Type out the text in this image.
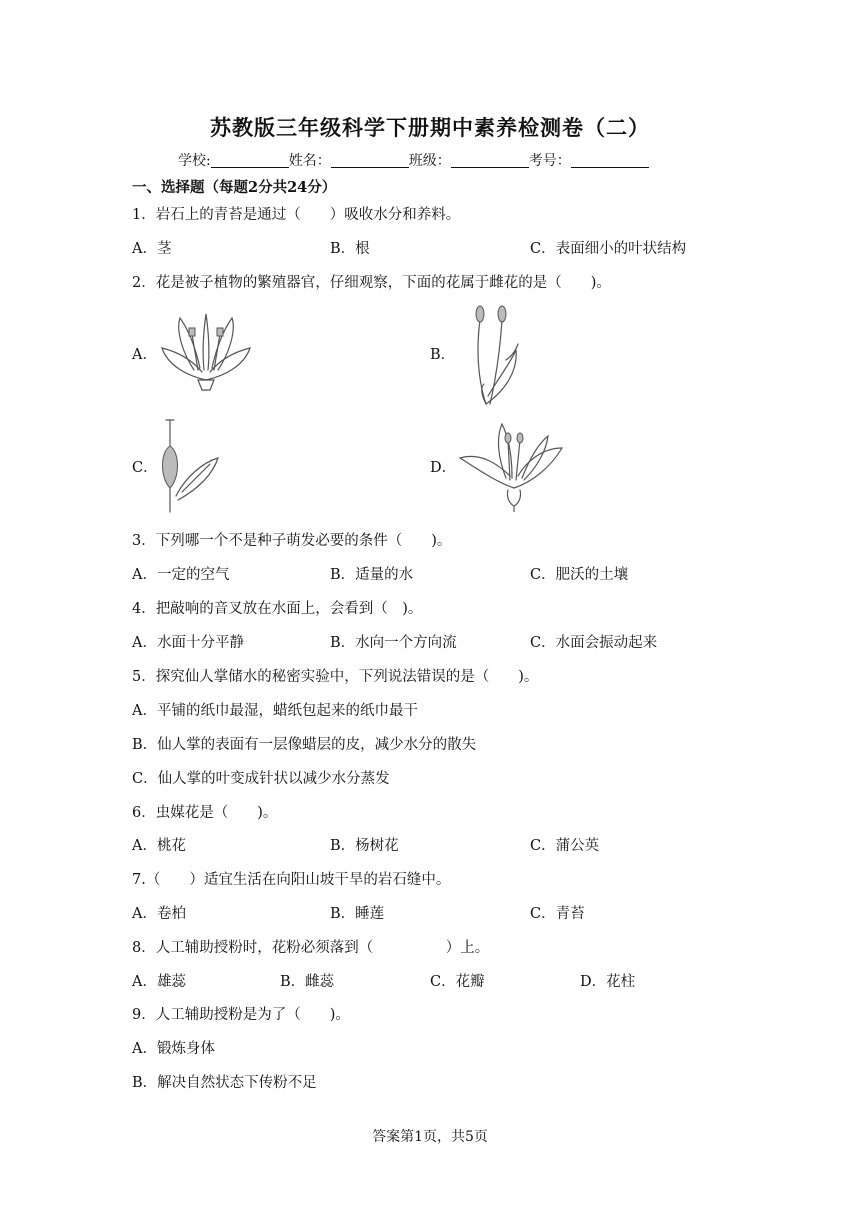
苏教版三年级科学下册期中素养检测卷（二）
学校:	姓名：	班级：	考号：
一、选择题（每题2分共24分）
1．岩石上的青苔是通过（　　）吸收水分和养料。
A．茎	B．根	C．表面细小的叶状结构
2．花是被子植物的繁殖器官，仔细观察，下面的花属于雌花的是（　　)。
A．	B．
C．	D．
3．下列哪一个不是种子萌发必要的条件（　　)。
A．一定的空气	B．适量的水	C．肥沃的土壤
4．把敲响的音叉放在水面上，会看到（　)。
A．水面十分平静	B．水向一个方向流	C．水面会振动起来
5．探究仙人掌储水的秘密实验中，下列说法错误的是（　　)。
A．平铺的纸巾最湿，蜡纸包起来的纸巾最干
B．仙人掌的表面有一层像蜡层的皮，减少水分的散失
C．仙人掌的叶变成针状以减少水分蒸发
6．虫媒花是（　　)。
A．桃花	B．杨树花	C．蒲公英
7.（　　）适宜生活在向阳山坡干旱的岩石缝中。
A．卷柏	B．睡莲	C．青苔
8．人工辅助授粉时，花粉必须落到（　　　　　）上。
A．雄蕊	B．雌蕊	C．花瓣	D．花柱
9．人工辅助授粉是为了（　　)。
A．锻炼身体
B．解决自然状态下传粉不足
答案第1页，共5页
